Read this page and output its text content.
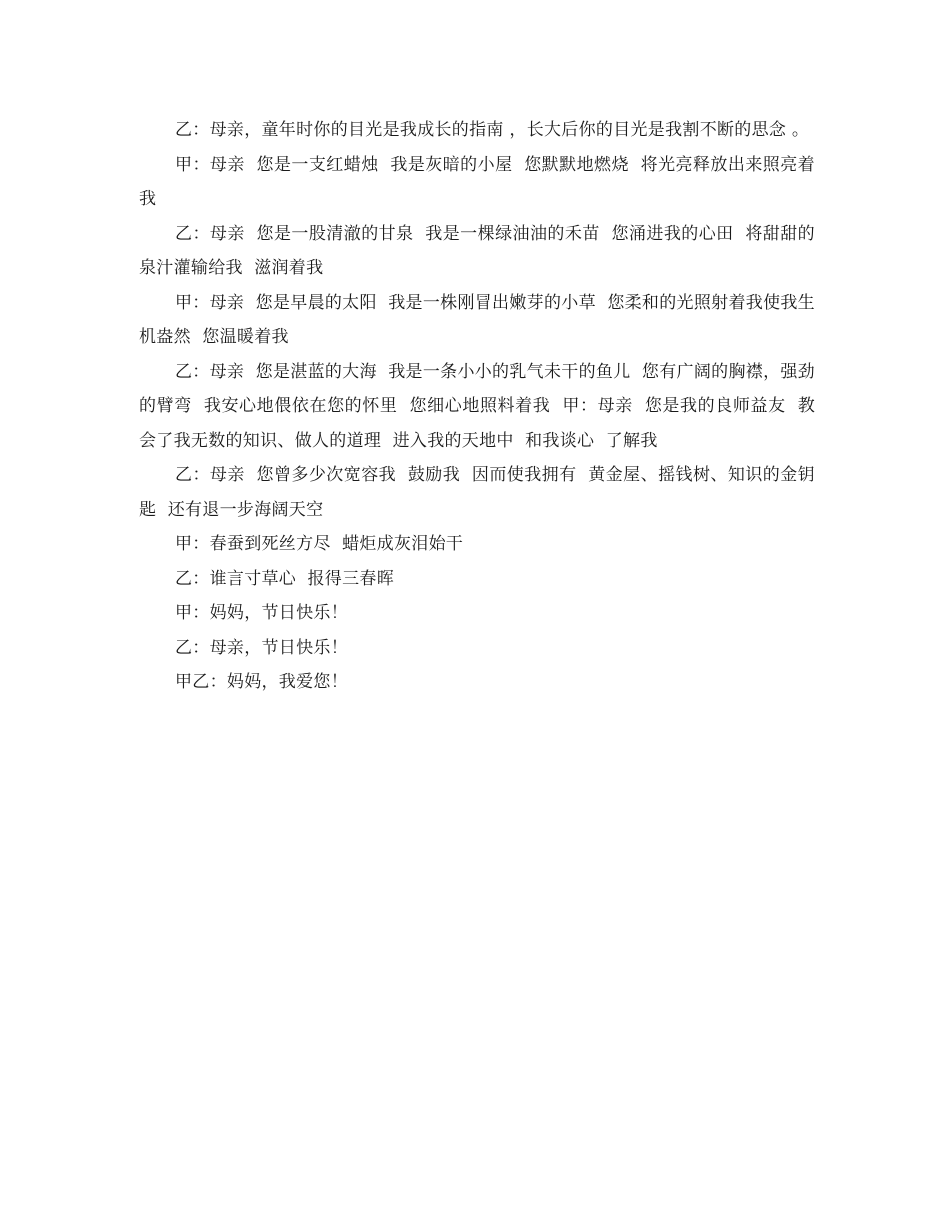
乙：母亲，童年时你的目光是我成长的指南 ，长大后你的目光是我割不断的思念 。

甲：母亲  您是一支红蜡烛  我是灰暗的小屋  您默默地燃烧  将光亮释放出来照亮着我

乙：母亲  您是一股清澈的甘泉  我是一棵绿油油的禾苗  您涌进我的心田  将甜甜的泉汁灌输给我  滋润着我

甲：母亲  您是早晨的太阳  我是一株刚冒出嫩芽的小草  您柔和的光照射着我使我生机盎然  您温暖着我

乙：母亲  您是湛蓝的大海  我是一条小小的乳气未干的鱼儿  您有广阔的胸襟，强劲的臂弯  我安心地偎依在您的怀里  您细心地照料着我  甲：母亲  您是我的良师益友  教会了我无数的知识、做人的道理  进入我的天地中  和我谈心  了解我

乙：母亲  您曾多少次宽容我  鼓励我  因而使我拥有  黄金屋、摇钱树、知识的金钥匙  还有退一步海阔天空

甲：春蚕到死丝方尽  蜡炬成灰泪始干

乙：谁言寸草心  报得三春晖

甲：妈妈，节日快乐！

乙：母亲，节日快乐！

甲乙：妈妈，我爱您！
